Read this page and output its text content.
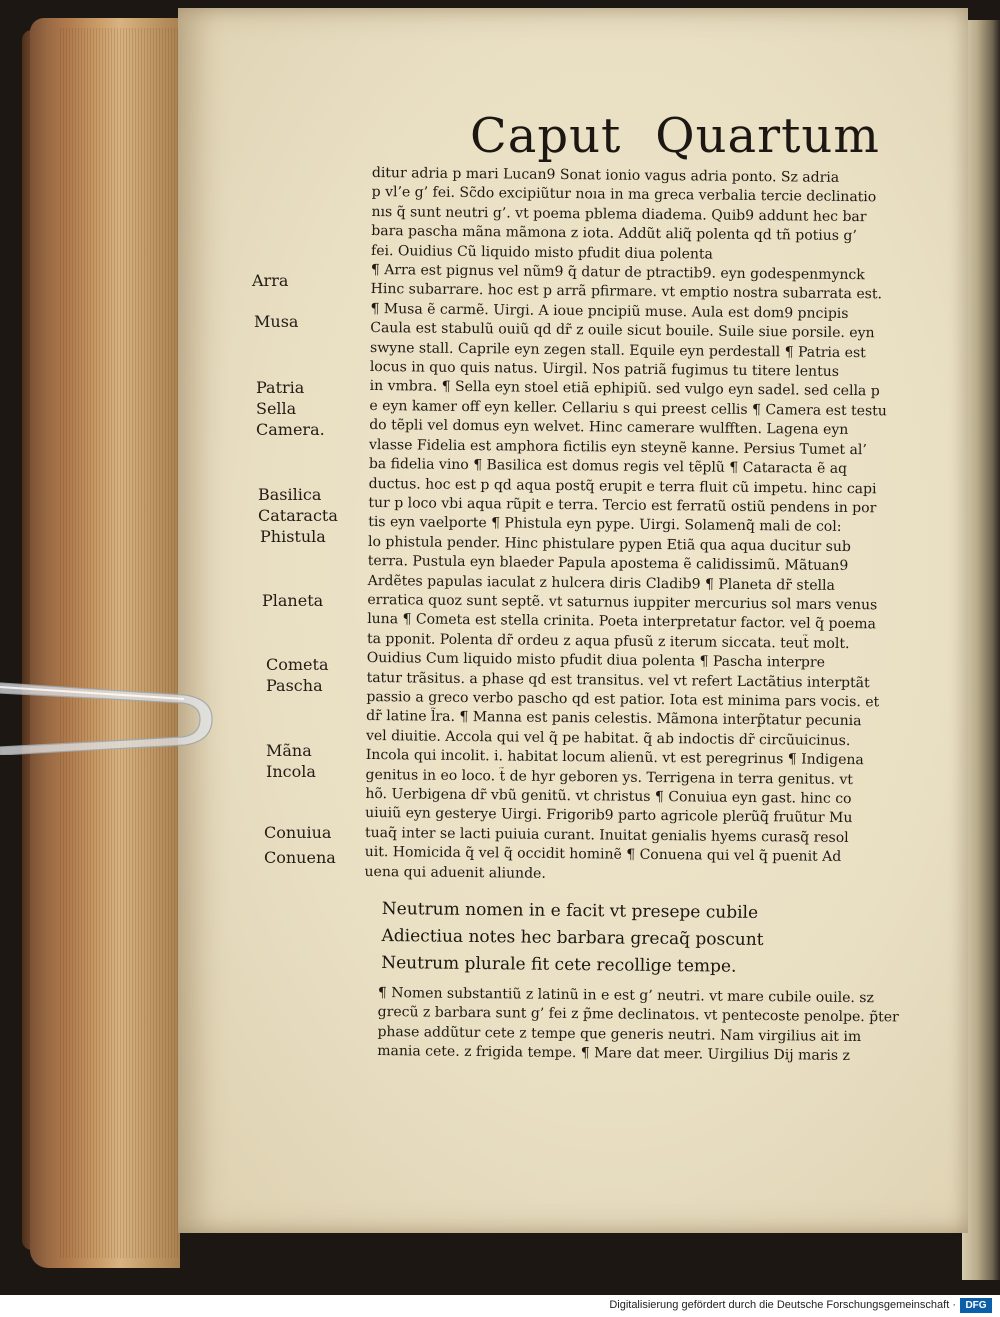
Caput Quartum
ditur adria p mari Lucan9 Sonat ionio vagus adria ponto. Sz adria
p vl’e g’ fei. Sc̃do excipiũtur noıa in ma greca verbalia tercie declinatio
nıs q̃ sunt neutri g’. vt poema pblema diadema. Quib9 addunt hec bar
bara pascha mãna mãmona z iota. Addũt aliq̃ polenta qd tñ potius g’
fei. Ouidius Cũ liquido misto pfudit diua polenta
¶ Arra est pignus vel nũm9 q̃ datur de ptractib9. eyn godespenmynck
Hinc subarrare. hoc est p arrã pfirmare. vt emptio nostra subarrata est.
¶ Musa ẽ carmẽ. Uirgi. A ioue pncipiũ muse. Aula est dom9 pncipis
Caula est stabulũ ouiũ qd dr̃ z ouile sicut bouile. Suile siue porsile. eyn
swyne stall. Caprile eyn zegen stall. Equile eyn perdestall ¶ Patria est
locus in quo quis natus. Uirgil. Nos patriã fugimus tu titere lentus
in vmbra. ¶ Sella eyn stoel etiã ephipiũ. sed vulgo eyn sadel. sed cella p
e eyn kamer off eyn keller. Cellariu s qui preest cellis ¶ Camera est testu
do tẽpli vel domus eyn welvet. Hinc camerare wulfften. Lagena eyn
vlasse Fidelia est amphora fictilis eyn steynẽ kanne. Persius Tumet al’
ba fidelia vino ¶ Basilica est domus regis vel tẽplũ ¶ Cataracta ẽ aq
ductus. hoc est p qd aqua postq̃ erupit e terra fluit cũ impetu. hinc capi
tur p loco vbi aqua rũpit e terra. Tercio est ferratũ ostiũ pendens in por
tis eyn vaelporte ¶ Phistula eyn pype. Uirgi. Solamenq̃ mali de col:
lo phistula pender. Hinc phistulare pypen Etiã qua aqua ducitur sub
terra. Pustula eyn blaeder Papula apostema ẽ calidissimũ. Mãtuan9
Ardẽtes papulas iaculat z hulcera diris Cladib9 ¶ Planeta dr̃ stella
erratica quoz sunt septẽ. vt saturnus iuppiter mercurius sol mars venus
luna ¶ Cometa est stella crinita. Poeta interpretatur factor. vel q̃ poema
ta pponit. Polenta dr̃ ordeu z aqua pfusũ z iterum siccata. teut̃ molt.
Ouidius Cum liquido misto pfudit diua polenta ¶ Pascha interpre
tatur trãsitus. a phase qd est transitus. vel vt refert Lactãtius interptãt
passio a greco verbo pascho qd est patior. Iota est minima pars vocis. et
dr̃ latine l̃ra. ¶ Manna est panis celestis. Mãmona interp̃tatur pecunia
vel diuitie. Accola qui vel q̃ pe habitat. q̃ ab indoctis dr̃ circũuicinus.
Incola qui incolit. i. habitat locum alienũ. vt est peregrinus ¶ Indigena
genitus in eo loco. t̃ de hyr geboren ys. Terrigena in terra genitus. vt
hõ. Uerbigena dr̃ vbũ genitũ. vt christus ¶ Conuiua eyn gast. hinc co
uiuiũ eyn gesterye Uirgi. Frigorib9 parto agricole plerũq̃ fruũtur Mu
tuaq̃ inter se lacti puiuia curant. Inuitat genialis hyems curasq̃ resol
uit. Homicida q̃ vel q̃ occidit hominẽ ¶ Conuena qui vel q̃ puenit Ad
uena qui aduenit aliunde.
Neutrum nomen in e facit vt presepe cubile
Adiectiua notes hec barbara grecaq̃ poscunt
Neutrum plurale fit cete recollige tempe.
¶ Nomen substantiũ z latinũ in e est g’ neutri. vt mare cubile ouile. sz
grecũ z barbara sunt g’ fei z p̃me declinatoıs. vt pentecoste penolpe. p̃ter
phase addũtur cete z tempe que generis neutri. Nam virgilius ait im
mania cete. z frigida tempe. ¶ Mare dat meer. Uirgilius Dij maris z
Arra
Musa
Patria
Sella
Camera.
Basilica
Cataracta
Phistula
Planeta
Cometa
Pascha
Mãna
Incola
Conuiua
Conuena
Digitalisierung gefördert durch die Deutsche Forschungsgemeinschaft · DFG
